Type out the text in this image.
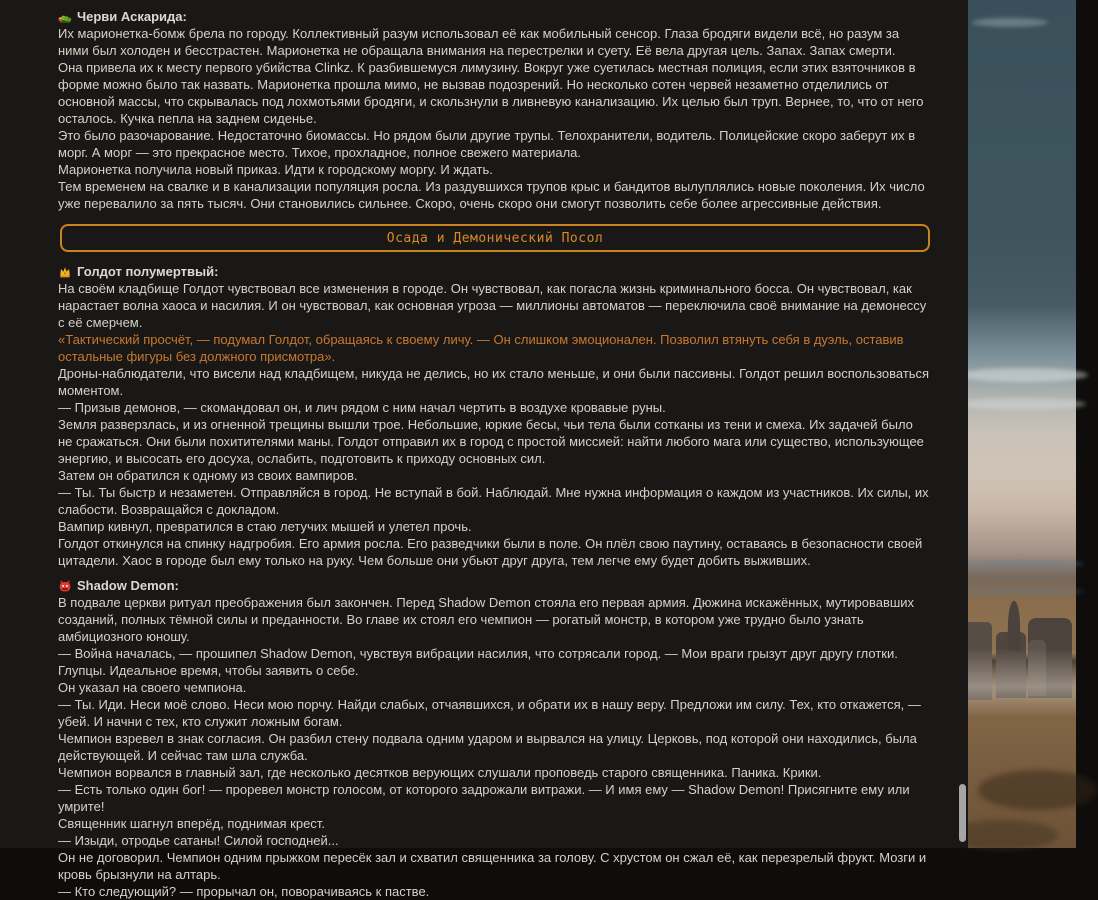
Черви Аскарида:

Их марионетка-бомж брела по городу. Коллективный разум использовал её как мобильный сенсор. Глаза бродяги видели всё, но разум за ними был холоден и бесстрастен. Марионетка не обращала внимания на перестрелки и суету. Её вела другая цель. Запах. Запах смерти.

Она привела их к месту первого убийства Clinkz. К разбившемуся лимузину. Вокруг уже суетилась местная полиция, если этих взяточников в форме можно было так назвать. Марионетка прошла мимо, не вызвав подозрений. Но несколько сотен червей незаметно отделились от основной массы, что скрывалась под лохмотьями бродяги, и скользнули в ливневую канализацию. Их целью был труп. Вернее, то, что от него осталось. Кучка пепла на заднем сиденье.

Это было разочарование. Недостаточно биомассы. Но рядом были другие трупы. Телохранители, водитель. Полицейские скоро заберут их в морг. А морг — это прекрасное место. Тихое, прохладное, полное свежего материала.

Марионетка получила новый приказ. Идти к городскому моргу. И ждать.

Тем временем на свалке и в канализации популяция росла. Из раздувшихся трупов крыс и бандитов вылуплялись новые поколения. Их число уже перевалило за пять тысяч. Они становились сильнее. Скоро, очень скоро они смогут позволить себе более агрессивные действия.

Осада и Демонический Посол
Голдот полумертвый:

На своём кладбище Голдот чувствовал все изменения в городе. Он чувствовал, как погасла жизнь криминального босса. Он чувствовал, как нарастает волна хаоса и насилия. И он чувствовал, как основная угроза — миллионы автоматов — переключила своё внимание на демонессу с её смерчем.

«Тактический просчёт, — подумал Голдот, обращаясь к своему личу. — Он слишком эмоционален. Позволил втянуть себя в дуэль, оставив остальные фигуры без должного присмотра».

Дроны-наблюдатели, что висели над кладбищем, никуда не делись, но их стало меньше, и они были пассивны. Голдот решил воспользоваться моментом.

— Призыв демонов, — скомандовал он, и лич рядом с ним начал чертить в воздухе кровавые руны.

Земля разверзлась, и из огненной трещины вышли трое. Небольшие, юркие бесы, чьи тела были сотканы из тени и смеха. Их задачей было не сражаться. Они были похитителями маны. Голдот отправил их в город с простой миссией: найти любого мага или существо, использующее энергию, и высосать его досуха, ослабить, подготовить к приходу основных сил.

Затем он обратился к одному из своих вампиров.

— Ты. Ты быстр и незаметен. Отправляйся в город. Не вступай в бой. Наблюдай. Мне нужна информация о каждом из участников. Их силы, их слабости. Возвращайся с докладом.

Вампир кивнул, превратился в стаю летучих мышей и улетел прочь.

Голдот откинулся на спинку надгробия. Его армия росла. Его разведчики были в поле. Он плёл свою паутину, оставаясь в безопасности своей цитадели. Хаос в городе был ему только на руку. Чем больше они убьют друг друга, тем легче ему будет добить выживших.

Shadow Demon:

В подвале церкви ритуал преображения был закончен. Перед Shadow Demon стояла его первая армия. Дюжина искажённых, мутировавших созданий, полных тёмной силы и преданности. Во главе их стоял его чемпион — рогатый монстр, в котором уже трудно было узнать амбициозного юношу.

— Война началась, — прошипел Shadow Demon, чувствуя вибрации насилия, что сотрясали город. — Мои враги грызут друг другу глотки. Глупцы. Идеальное время, чтобы заявить о себе.

Он указал на своего чемпиона.

— Ты. Иди. Неси моё слово. Неси мою порчу. Найди слабых, отчаявшихся, и обрати их в нашу веру. Предложи им силу. Тех, кто откажется, — убей. И начни с тех, кто служит ложным богам.

Чемпион взревел в знак согласия. Он разбил стену подвала одним ударом и вырвался на улицу. Церковь, под которой они находились, была действующей. И сейчас там шла служба.

Чемпион ворвался в главный зал, где несколько десятков верующих слушали проповедь старого священника. Паника. Крики.

— Есть только один бог! — проревел монстр голосом, от которого задрожали витражи. — И имя ему — Shadow Demon! Присягните ему или умрите!

Священник шагнул вперёд, поднимая крест.

— Изыди, отродье сатаны! Силой господней...

Он не договорил. Чемпион одним прыжком пересёк зал и схватил священника за голову. С хрустом он сжал её, как перезрелый фрукт. Мозги и кровь брызнули на алтарь.

— Кто следующий? — прорычал он, поворачиваясь к пастве.
